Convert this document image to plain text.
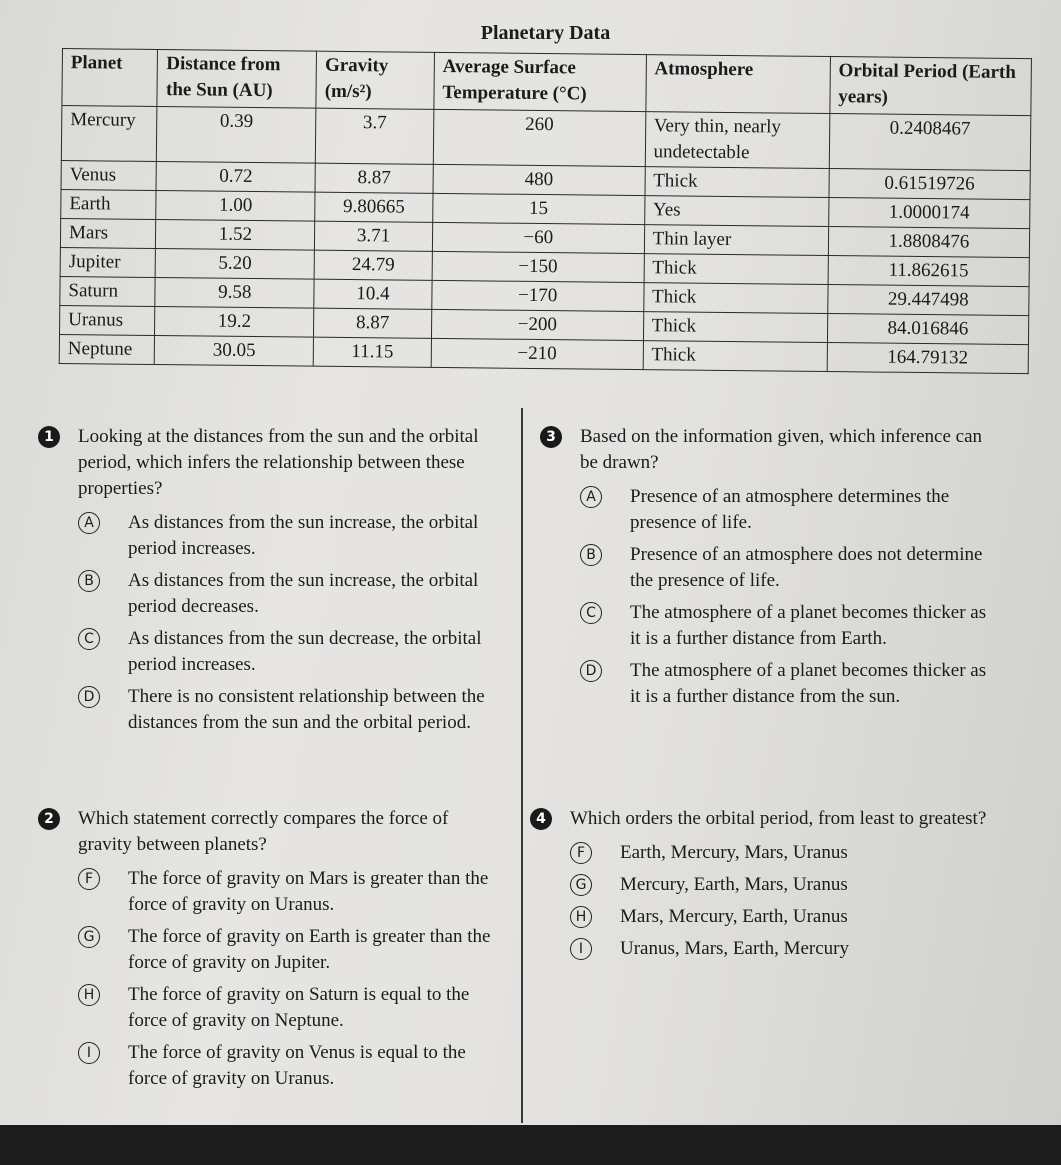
Planetary Data
Planet	Distance from the Sun (AU)	Gravity (m/s²)	Average Surface Temperature (°C)	Atmosphere	Orbital Period (Earth years)
Mercury	0.39	3.7	260	Very thin, nearly undetectable	0.2408467
Venus	0.72	8.87	480	Thick	0.61519726
Earth	1.00	9.80665	15	Yes	1.0000174
Mars	1.52	3.71	−60	Thin layer	1.8808476
Jupiter	5.20	24.79	−150	Thick	11.862615
Saturn	9.58	10.4	−170	Thick	29.447498
Uranus	19.2	8.87	−200	Thick	84.016846
Neptune	30.05	11.15	−210	Thick	164.79132
1	Looking at the distances from the sun and the orbital period, which infers the relationship between these properties?
A	As distances from the sun increase, the orbital period increases.
B	As distances from the sun increase, the orbital period decreases.
C	As distances from the sun decrease, the orbital period increases.
D There is no consistent relationship between the distances from the sun and the orbital period.
2	Which statement correctly compares the force of gravity between planets?
F	The force of gravity on Mars is greater than the force of gravity on Uranus.
G The force of gravity on Earth is greater than the force of gravity on Jupiter.
H	The force of gravity on Saturn is equal to the force of gravity on Neptune.
I	The force of gravity on Venus is equal to the force of gravity on Uranus.
3	Based on the information given, which inference can be drawn?
A	Presence of an atmosphere determines the presence of life.
B	Presence of an atmosphere does not determine the presence of life.
C	The atmosphere of a planet becomes thicker as it is a further distance from Earth.
D The atmosphere of a planet becomes thicker as it is a further distance from the sun.
4	Which orders the orbital period, from least to greatest?
F	Earth, Mercury, Mars, Uranus
G Mercury, Earth, Mars, Uranus
H	Mars, Mercury, Earth, Uranus
I	Uranus, Mars, Earth, Mercury
